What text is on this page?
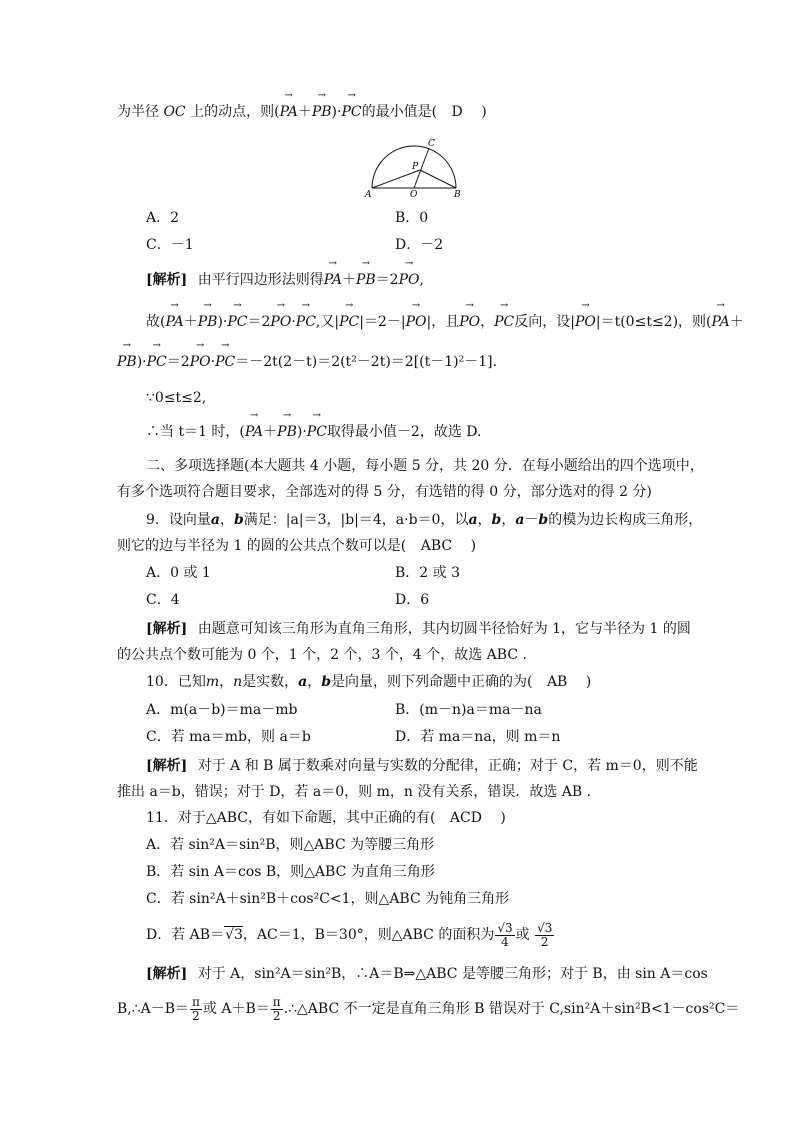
为半径 OC 上的动点，则(→ PA＋→ PB)·→ PC的最小值是( D )
A	B
O
P
C
A．2	B．0
C．－1	D．－2
[解析] 由平行四边形法则得→ PA＋→ PB＝2→ PO,
故(→ PA＋→ PB)·→ PC＝2→ PO·→ PC,又|→ PC|＝2－|→ PO|，且→ PO，→ PC反向，设|→ PO|＝t(0≤t≤2)，则(→ PA＋
→ PB)·→ PC＝2→ PO·→ PC＝－2t(2－t)＝2(t²－2t)＝2[(t－1)²－1].
∵0≤t≤2,
∴当 t＝1 时，(→ PA＋→ PB)·→ PC取得最小值－2，故选 D.
二、多项选择题(本大题共 4 小题，每小题 5 分，共 20 分．在每小题给出的四个选项中，
有多个选项符合题目要求，全部选对的得 5 分，有选错的得 0 分，部分选对的得 2 分)
9．设向量a，b满足：|a|＝3，|b|＝4，a·b＝0，以a，b，a－b的模为边长构成三角形，
则它的边与半径为 1 的圆的公共点个数可以是( ABC )
A．0 或 1	B．2 或 3
C．4	D．6
[解析] 由题意可知该三角形为直角三角形，其内切圆半径恰好为 1，它与半径为 1 的圆
的公共点个数可能为 0 个，1 个，2 个，3 个，4 个，故选 ABC .
10．已知m，n是实数，a，b是向量，则下列命题中正确的为( AB )
A．m(a－b)＝ma－mb	B．(m－n)a＝ma－na
C．若 ma＝mb，则 a＝b	D．若 ma＝na，则 m＝n
[解析] 对于 A 和 B 属于数乘对向量与实数的分配律，正确；对于 C，若 m＝0，则不能
推出 a＝b，错误；对于 D，若 a＝0，则 m，n 没有关系，错误．故选 AB .
11．对于△ABC，有如下命题，其中正确的有( ACD )
A．若 sin²A＝sin²B，则△ABC 为等腰三角形
B．若 sin A＝cos B，则△ABC 为直角三角形
C．若 sin²A＋sin²B＋cos²C<1，则△ABC 为钝角三角形
D．若 AB＝√3，AC＝1，B＝30°，则△ABC 的面积为 $\frac{√3}{4}$ 或 $\frac{√3}{2}$
[解析] 对于 A，sin²A＝sin²B，∴A＝B⇒△ABC 是等腰三角形；对于 B，由 sin A＝cos
B,∴A－B＝ $\frac{\pi}{2}$ 或 $A+B= \frac{\pi}{2}$ .∴△ABC 不一定是直角三角形 B 错误对于 C,sin²A＋sin²B<1－cos²C＝
